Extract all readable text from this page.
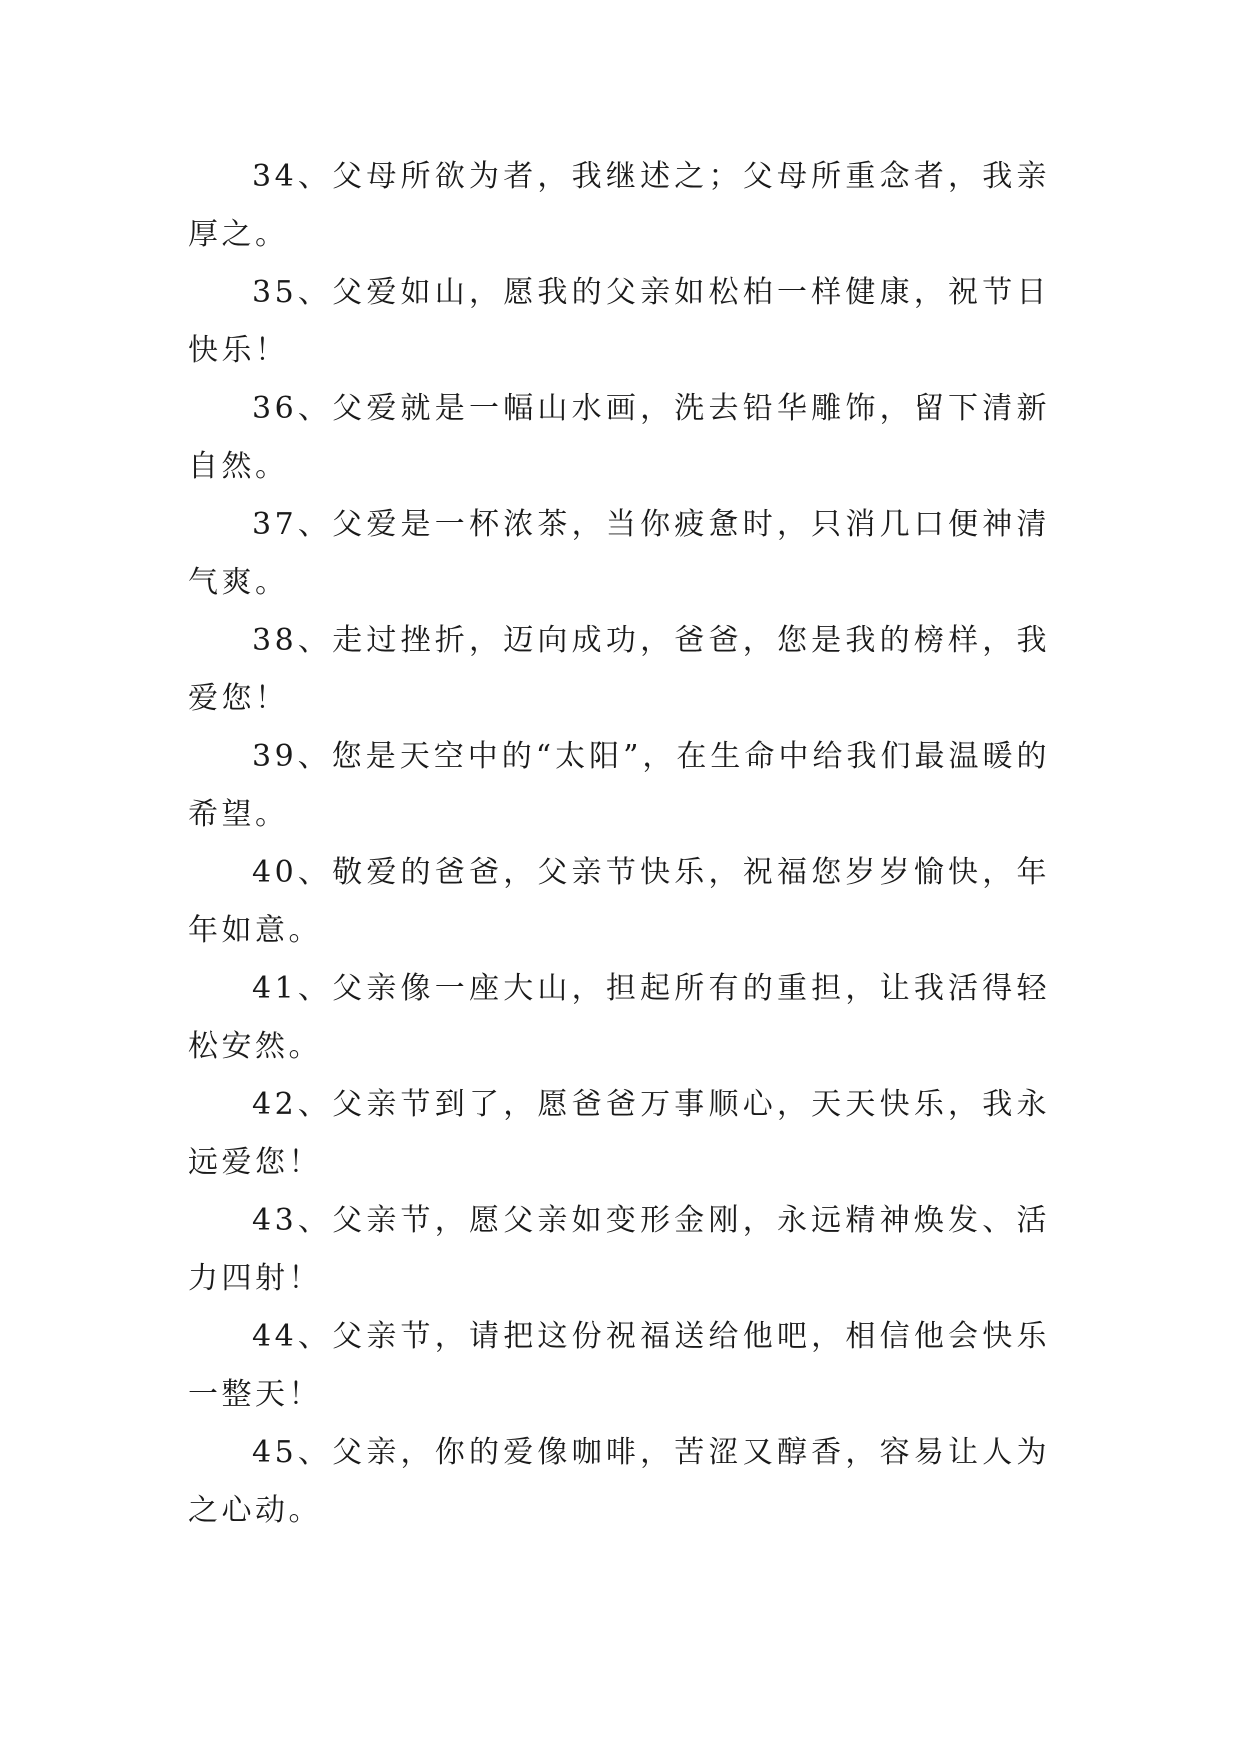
34、父母所欲为者，我继述之；父母所重念者，我亲厚之。

35、父爱如山，愿我的父亲如松柏一样健康，祝节日快乐！

36、父爱就是一幅山水画，洗去铅华雕饰，留下清新自然。

37、父爱是一杯浓茶，当你疲惫时，只消几口便神清气爽。

38、走过挫折，迈向成功，爸爸，您是我的榜样，我爱您！

39、您是天空中的“太阳”，在生命中给我们最温暖的希望。

40、敬爱的爸爸，父亲节快乐，祝福您岁岁愉快，年年如意。

41、父亲像一座大山，担起所有的重担，让我活得轻松安然。

42、父亲节到了，愿爸爸万事顺心，天天快乐，我永远爱您！

43、父亲节，愿父亲如变形金刚，永远精神焕发、活力四射！

44、父亲节，请把这份祝福送给他吧，相信他会快乐一整天！

45、父亲，你的爱像咖啡，苦涩又醇香，容易让人为之心动。
